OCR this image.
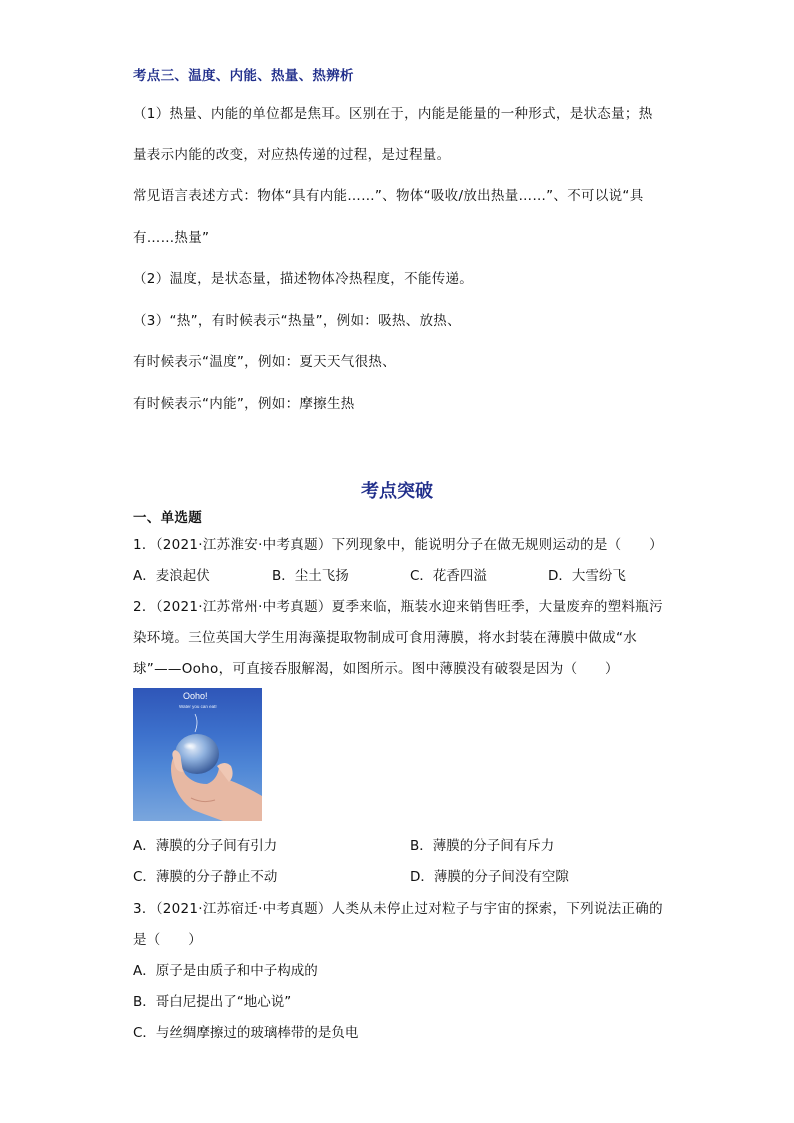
考点三、温度、内能、热量、热辨析
（1）热量、内能的单位都是焦耳。区别在于，内能是能量的一种形式，是状态量；热
量表示内能的改变，对应热传递的过程，是过程量。
常见语言表述方式：物体“具有内能……”、物体“吸收/放出热量……”、不可以说“具
有……热量”
（2）温度，是状态量，描述物体冷热程度，不能传递。
（3）“热”，有时候表示“热量”，例如：吸热、放热、
有时候表示“温度”，例如：夏天天气很热、
有时候表示“内能”，例如：摩擦生热
考点突破
一、单选题
1．（2021·江苏淮安·中考真题）下列现象中，能说明分子在做无规则运动的是（　　）
A．麦浪起伏	B．尘土飞扬	C．花香四溢	D．大雪纷飞
2．（2021·江苏常州·中考真题）夏季来临，瓶装水迎来销售旺季，大量废弃的塑料瓶污
染环境。三位英国大学生用海藻提取物制成可食用薄膜，将水封装在薄膜中做成“水
球”——Ooho，可直接吞服解渴，如图所示。图中薄膜没有破裂是因为（　　）
Ooho!
Water you can eat!
A．薄膜的分子间有引力	B．薄膜的分子间有斥力
C．薄膜的分子静止不动	D．薄膜的分子间没有空隙
3．（2021·江苏宿迁·中考真题）人类从未停止过对粒子与宇宙的探索，下列说法正确的
是（　　）
A．原子是由质子和中子构成的
B．哥白尼提出了“地心说”
C．与丝绸摩擦过的玻璃棒带的是负电
